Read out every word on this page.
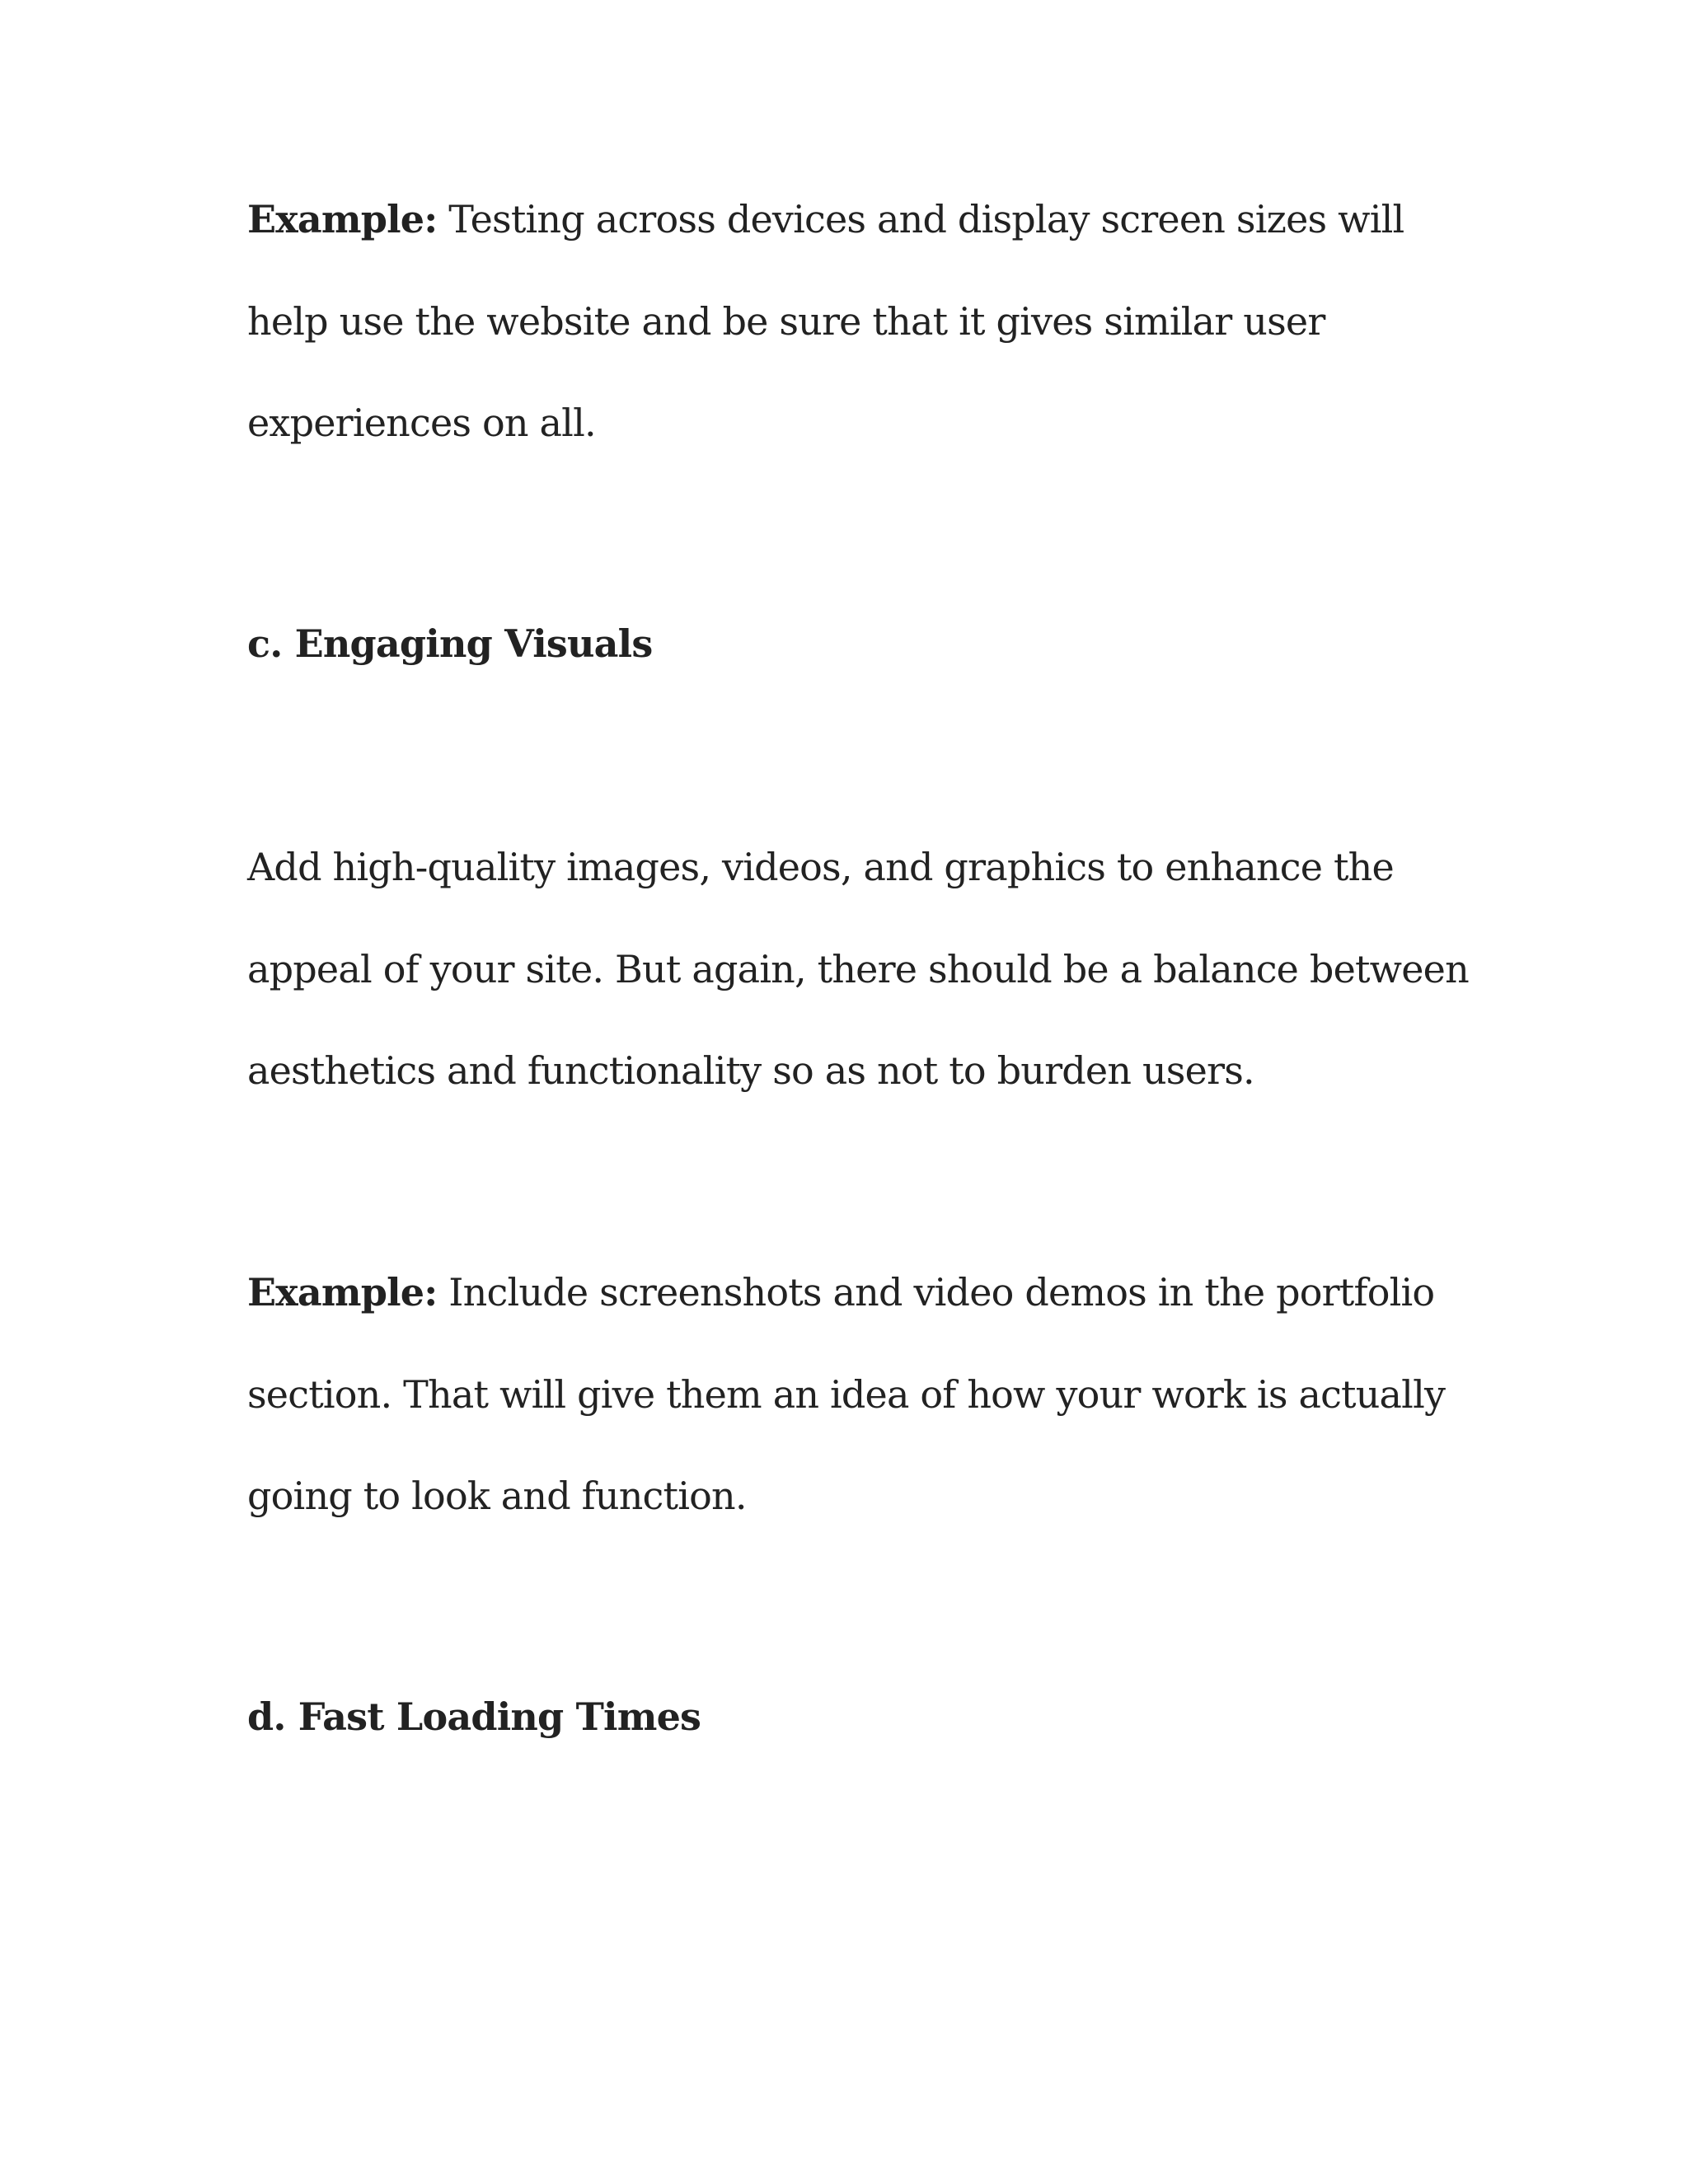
Example: Testing across devices and display screen sizes will
help use the website and be sure that it gives similar user
experiences on all.
c. Engaging Visuals
Add high-quality images, videos, and graphics to enhance the
appeal of your site. But again, there should be a balance between
aesthetics and functionality so as not to burden users.
Example: Include screenshots and video demos in the portfolio
section. That will give them an idea of how your work is actually
going to look and function.
d. Fast Loading Times
